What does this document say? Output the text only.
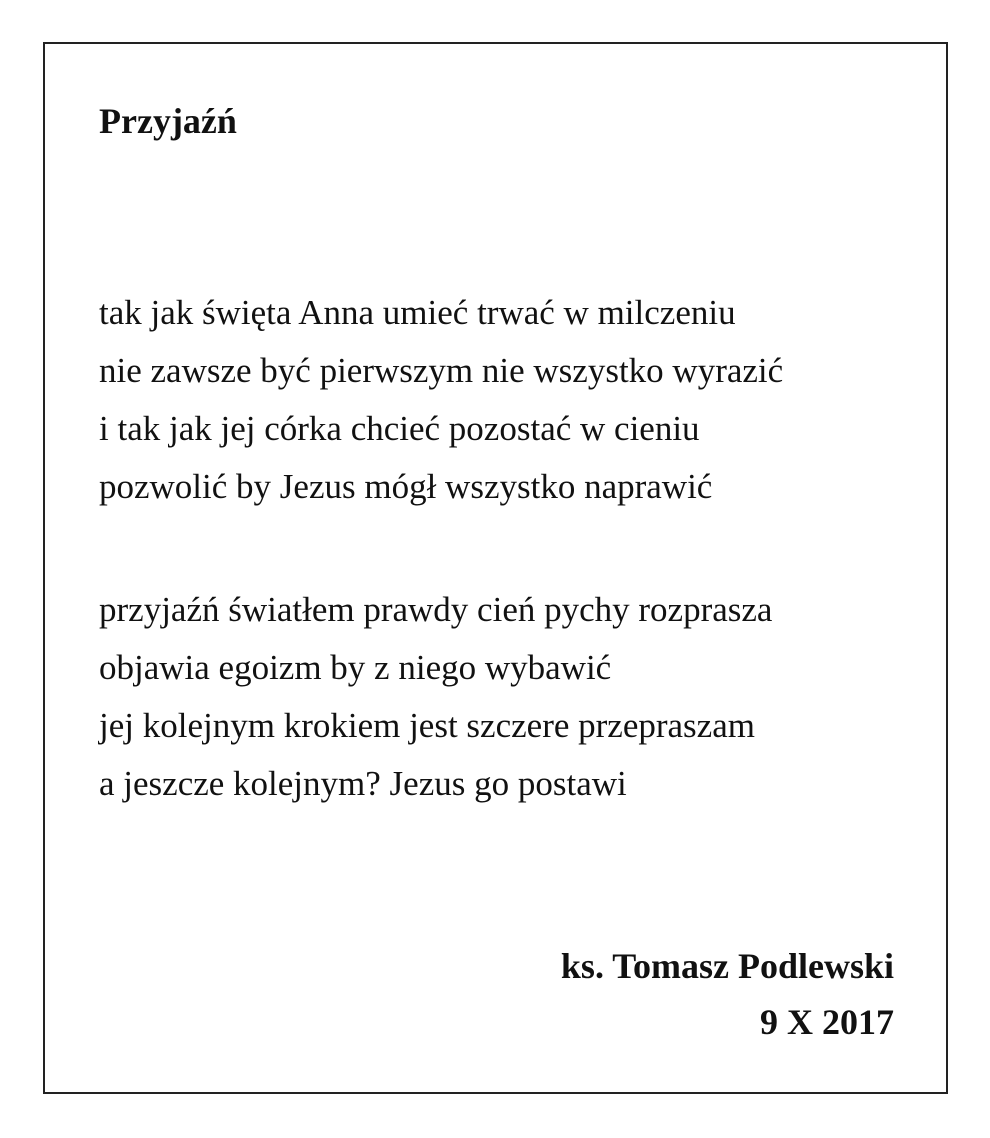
Przyjaźń
tak jak święta Anna umieć trwać w milczeniu
nie zawsze być pierwszym nie wszystko wyrazić
i tak jak jej córka chcieć pozostać w cieniu
pozwolić by Jezus mógł wszystko naprawić
przyjaźń światłem prawdy cień pychy rozprasza
objawia egoizm by z niego wybawić
jej kolejnym krokiem jest szczere przepraszam
a jeszcze kolejnym? Jezus go postawi
ks. Tomasz Podlewski
9 X 2017
